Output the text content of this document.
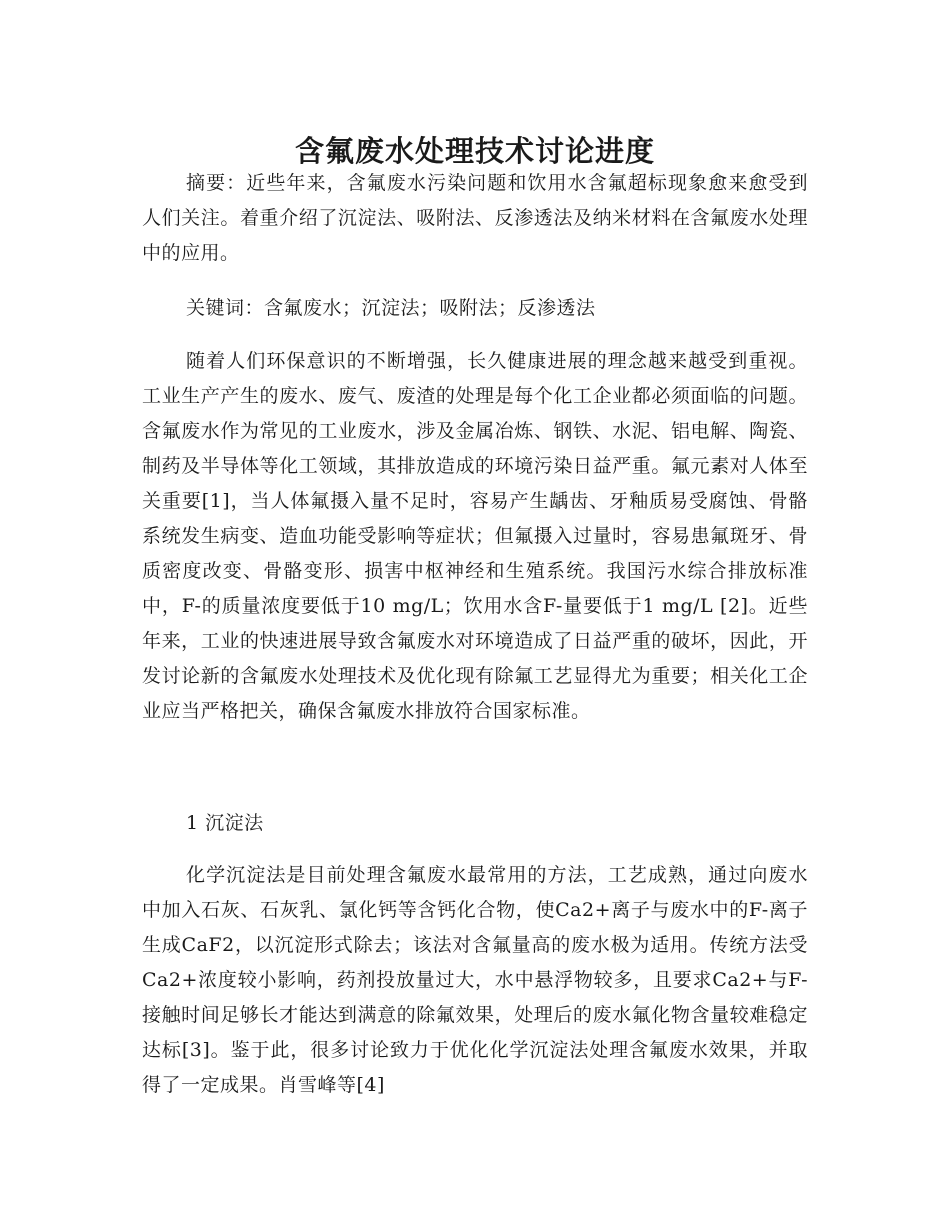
含氟废水处理技术讨论进度

摘要：近些年来，含氟废水污染问题和饮用水含氟超标现象愈来愈受到人们关注。着重介绍了沉淀法、吸附法、反渗透法及纳米材料在含氟废水处理中的应用。

关键词：含氟废水；沉淀法；吸附法；反渗透法

随着人们环保意识的不断增强，长久健康进展的理念越来越受到重视。工业生产产生的废水、废气、废渣的处理是每个化工企业都必须面临的问题。含氟废水作为常见的工业废水，涉及金属冶炼、钢铁、水泥、铝电解、陶瓷、制药及半导体等化工领域，其排放造成的环境污染日益严重。氟元素对人体至关重要[1]，当人体氟摄入量不足时，容易产生龋齿、牙釉质易受腐蚀、骨骼系统发生病变、造血功能受影响等症状；但氟摄入过量时，容易患氟斑牙、骨质密度改变、骨骼变形、损害中枢神经和生殖系统。我国污水综合排放标准中，F-的质量浓度要低于10 mg/L；饮用水含F-量要低于1 mg/L [2]。近些年来，工业的快速进展导致含氟废水对环境造成了日益严重的破坏，因此，开发讨论新的含氟废水处理技术及优化现有除氟工艺显得尤为重要；相关化工企业应当严格把关，确保含氟废水排放符合国家标准。

1 沉淀法

化学沉淀法是目前处理含氟废水最常用的方法，工艺成熟，通过向废水中加入石灰、石灰乳、氯化钙等含钙化合物，使Ca2+离子与废水中的F-离子生成CaF2，以沉淀形式除去；该法对含氟量高的废水极为适用。传统方法受Ca2+浓度较小影响，药剂投放量过大，水中悬浮物较多，且要求Ca2+与F-接触时间足够长才能达到满意的除氟效果，处理后的废水氟化物含量较难稳定达标[3]。鉴于此，很多讨论致力于优化化学沉淀法处理含氟废水效果，并取得了一定成果。肖雪峰等[4]
